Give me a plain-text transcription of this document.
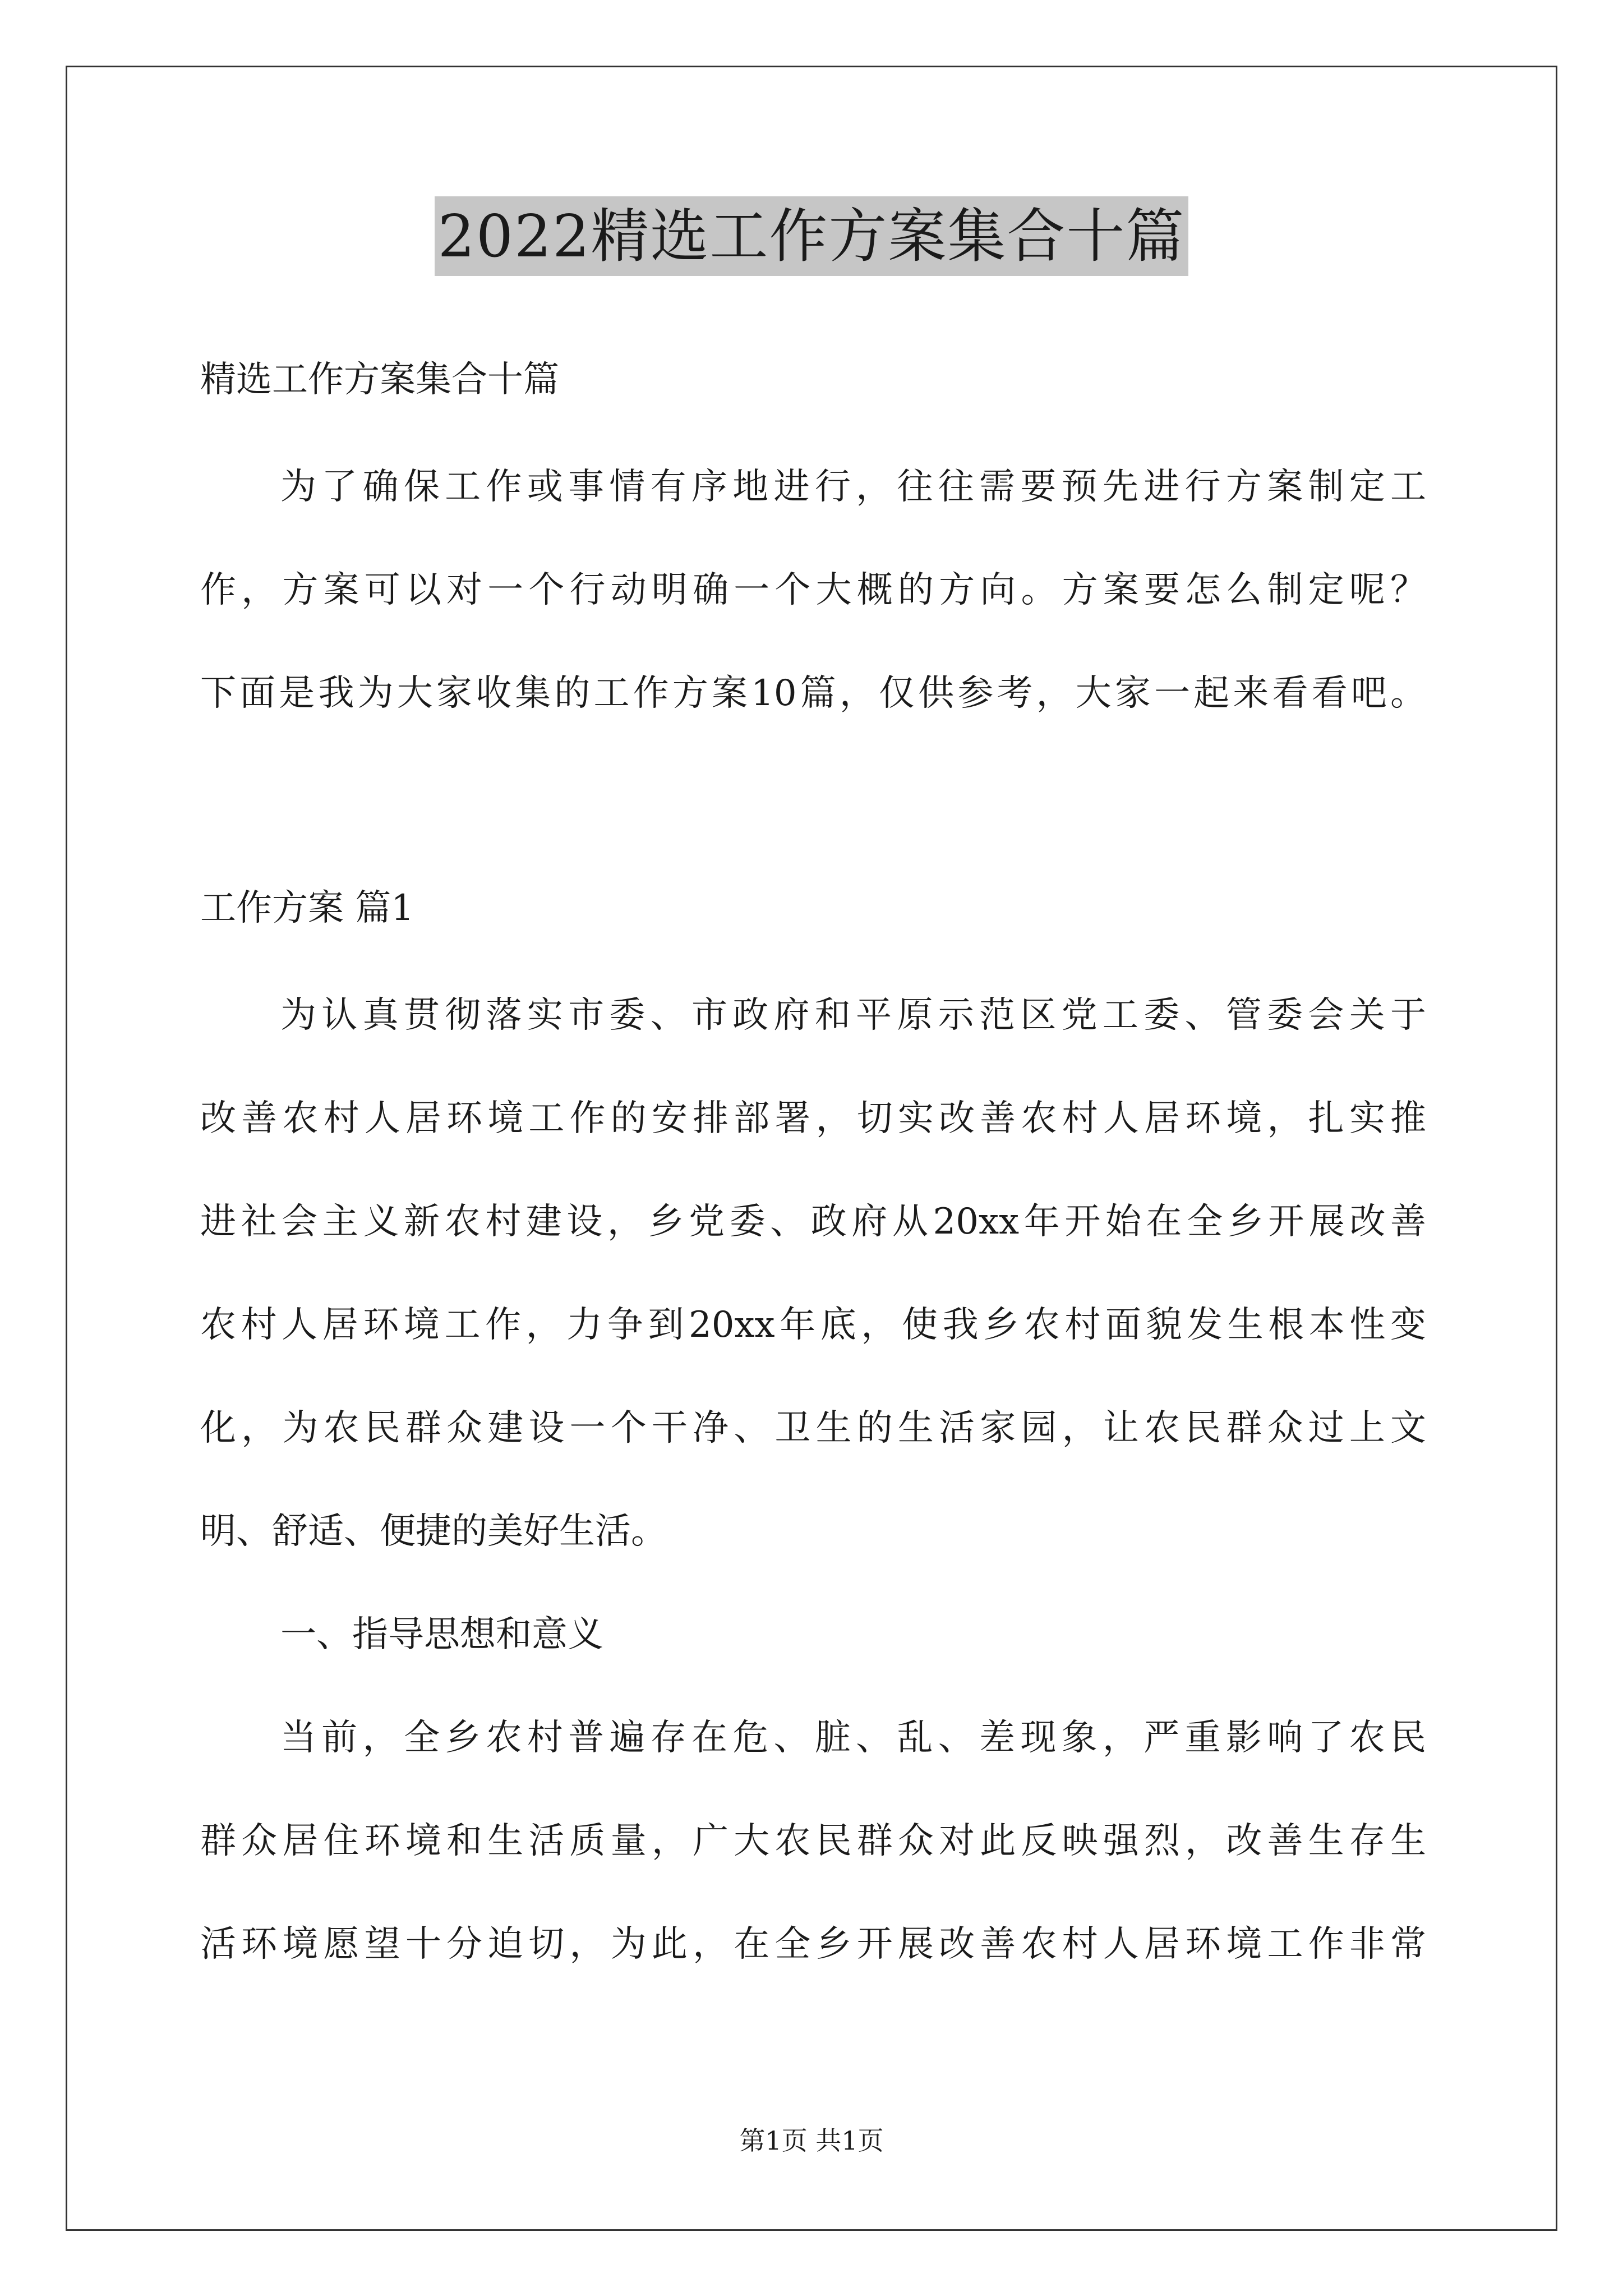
2022精选工作方案集合十篇
精选工作方案集合十篇
为了确保工作或事情有序地进行，往往需要预先进行方案制定工
作，方案可以对一个行动明确一个大概的方向。方案要怎么制定呢？
下面是我为大家收集的工作方案10篇，仅供参考，大家一起来看看吧。
工作方案 篇1
为认真贯彻落实市委、市政府和平原示范区党工委、管委会关于
改善农村人居环境工作的安排部署，切实改善农村人居环境，扎实推
进社会主义新农村建设，乡党委、政府从20xx年开始在全乡开展改善
农村人居环境工作，力争到20xx年底，使我乡农村面貌发生根本性变
化，为农民群众建设一个干净、卫生的生活家园，让农民群众过上文
明、舒适、便捷的美好生活。
一、指导思想和意义
当前，全乡农村普遍存在危、脏、乱、差现象，严重影响了农民
群众居住环境和生活质量，广大农民群众对此反映强烈，改善生存生
活环境愿望十分迫切，为此，在全乡开展改善农村人居环境工作非常
第1页 共1页
